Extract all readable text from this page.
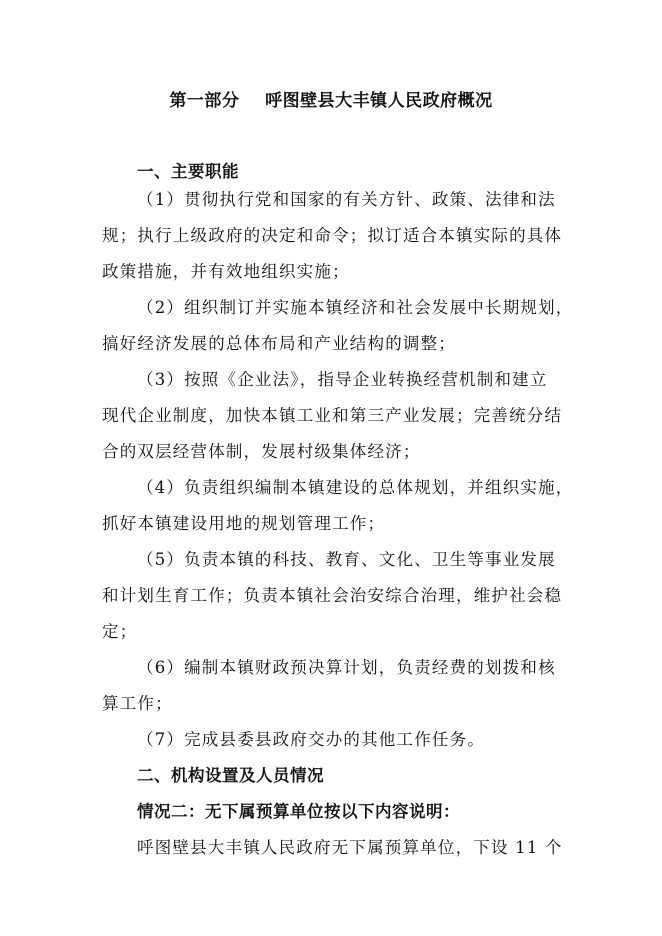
第一部分    呼图壁县大丰镇人民政府概况
一、主要职能
（1）贯彻执行党和国家的有关方针、政策、法律和法
规；执行上级政府的决定和命令；拟订适合本镇实际的具体
政策措施，并有效地组织实施；
（2）组织制订并实施本镇经济和社会发展中长期规划，
搞好经济发展的总体布局和产业结构的调整；
（3）按照《企业法》，指导企业转换经营机制和建立
现代企业制度，加快本镇工业和第三产业发展；完善统分结
合的双层经营体制，发展村级集体经济；
（4）负责组织编制本镇建设的总体规划，并组织实施，
抓好本镇建设用地的规划管理工作；
（5）负责本镇的科技、教育、文化、卫生等事业发展
和计划生育工作；负责本镇社会治安综合治理，维护社会稳
定；
（6）编制本镇财政预决算计划，负责经费的划拨和核
算工作；
（7）完成县委县政府交办的其他工作任务。
二、机构设置及人员情况
情况二：无下属预算单位按以下内容说明：
呼图壁县大丰镇人民政府无下属预算单位，下设 11 个
